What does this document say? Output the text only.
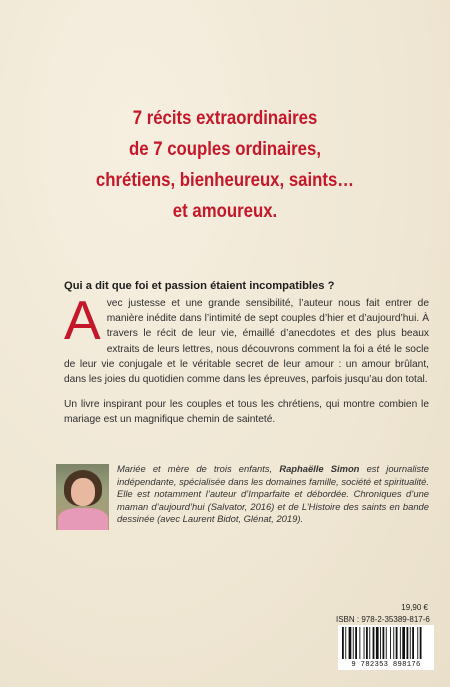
7 récits extraordinaires
de 7 couples ordinaires,
chrétiens, bienheureux, saints…
et amoureux.
Qui a dit que foi et passion étaient incompatibles ?

Avec justesse et une grande sensibilité, l’auteur nous fait entrer de manière inédite dans l’intimité de sept couples d’hier et d’aujourd’hui. À travers le récit de leur vie, émaillé d’anecdotes et des plus beaux extraits de leurs lettres, nous découvrons comment la foi a été le socle de leur vie conjugale et le véritable secret de leur amour : un amour brûlant, dans les joies du quotidien comme dans les épreuves, parfois jusqu’au don total.

Un livre inspirant pour les couples et tous les chrétiens, qui montre combien le mariage est un magnifique chemin de sainteté.

Mariée et mère de trois enfants, Raphaëlle Simon est journaliste indépendante, spécialisée dans les domaines famille, société et spiritualité. Elle est notamment l’auteur d’Imparfaite et débordée. Chroniques d’une maman d’aujourd’hui (Salvator, 2016) et de L’Histoire des saints en bande dessinée (avec Laurent Bidot, Glénat, 2019).
19,90 €
ISBN : 978-2-35389-817-6
9 782353 898176
